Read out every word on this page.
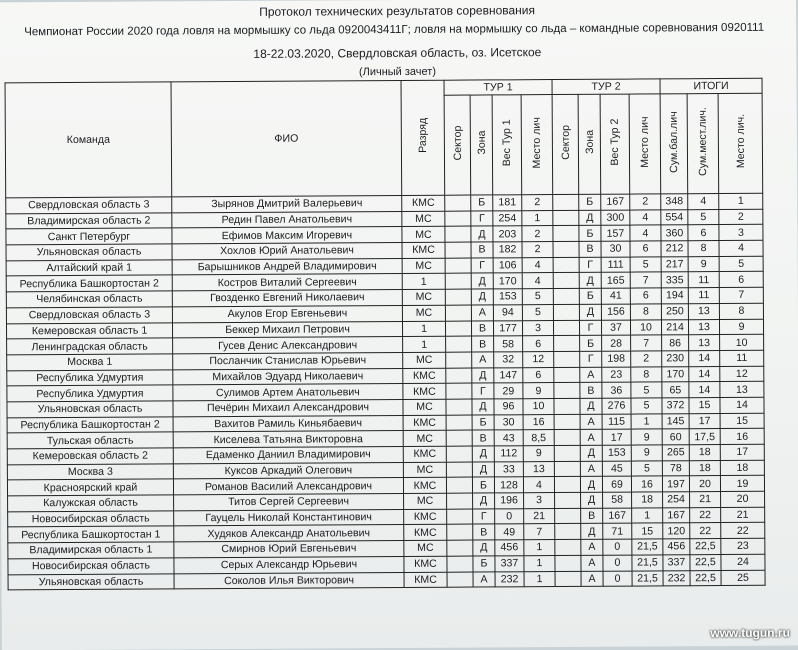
Протокол технических результатов соревнования
Чемпионат России 2020 года ловля на мормышку со льда 0920043411Г; ловля на мормышку со льда – командные соревнования 0920111
18-22.03.2020, Свердловская область, оз. Исетское
(Личный зачет)
Команда	ФИО	Разряд	ТУР 1				ТУР 2				ИТОГИ		
			Сектор	Зона	Вес Тур 1	Место лич	Сектор	Зона	Вес Тур 2	Место лич	Сум.бал.лич	Сум.мест.лич.	Место лич.
Свердловская область 3	Зырянов Дмитрий Валерьевич	КМС		Б	181	2		Б	167	2	348	4	1
Владимирская область 2	Редин Павел Анатольевич	МС		Г	254	1		Д	300	4	554	5	2
Санкт Петербург	Ефимов Максим Игоревич	МС		Д	203	2		Б	157	4	360	6	3
Ульяновская область	Хохлов Юрий Анатольевич	КМС		В	182	2		В	30	6	212	8	4
Алтайский край 1	Барышников Андрей Владимирович	МС		Г	106	4		Г	111	5	217	9	5
Республика Башкортостан 2	Костров Виталий Сергеевич	1		Д	170	4		Д	165	7	335	11	6
Челябинская область	Гвозденко Евгений Николаевич	МС		Д	153	5		Б	41	6	194	11	7
Свердловская область 3	Акулов Егор Евгеньевич	МС		А	94	5		Д	156	8	250	13	8
Кемеровская область 1	Беккер Михаил Петрович	1		В	177	3		Г	37	10	214	13	9
Ленинградская область	Гусев Денис Александрович	1		В	58	6		Б	28	7	86	13	10
Москва 1	Посланчик Станислав Юрьевич	МС		А	32	12		Г	198	2	230	14	11
Республика Удмуртия	Михайлов Эдуард Николаевич	КМС		Д	147	6		А	23	8	170	14	12
Республика Удмуртия	Сулимов Артем Анатольевич	КМС		Г	29	9		В	36	5	65	14	13
Ульяновская область	Печёрин Михаил Александрович	МС		Д	96	10		Д	276	5	372	15	14
Республика Башкортостан 2	Вахитов Рамиль Киньябаевич	КМС		Б	30	16		А	115	1	145	17	15
Тульская область	Киселева Татьяна Викторовна	МС		В	43	8,5		А	17	9	60	17,5	16
Кемеровская область 2	Едаменко Даниил Владимирович	КМС		Д	112	9		Д	153	9	265	18	17
Москва 3	Куксов Аркадий Олегович	МС		Д	33	13		А	45	5	78	18	18
Красноярский край	Романов Василий Александрович	КМС		Б	128	4		Д	69	16	197	20	19
Калужская область	Титов Сергей Сергеевич	МС		Д	196	3		Д	58	18	254	21	20
Новосибирская область	Гауцель Николай Константинович	КМС		Г	0	21		В	167	1	167	22	21
Республика Башкортостан 1	Худяков Александр Анатольевич	КМС		В	49	7		Д	71	15	120	22	22
Владимирская область 1	Смирнов Юрий Евгеньевич	МС		Д	456	1		А	0	21,5	456	22,5	23
Новосибирская область	Серых Александр Юрьевич	КМС		Б	337	1		А	0	21,5	337	22,5	24
Ульяновская область	Соколов Илья Викторович	КМС		А	232	1		А	0	21,5	232	22,5	25
www.tugun.ru
